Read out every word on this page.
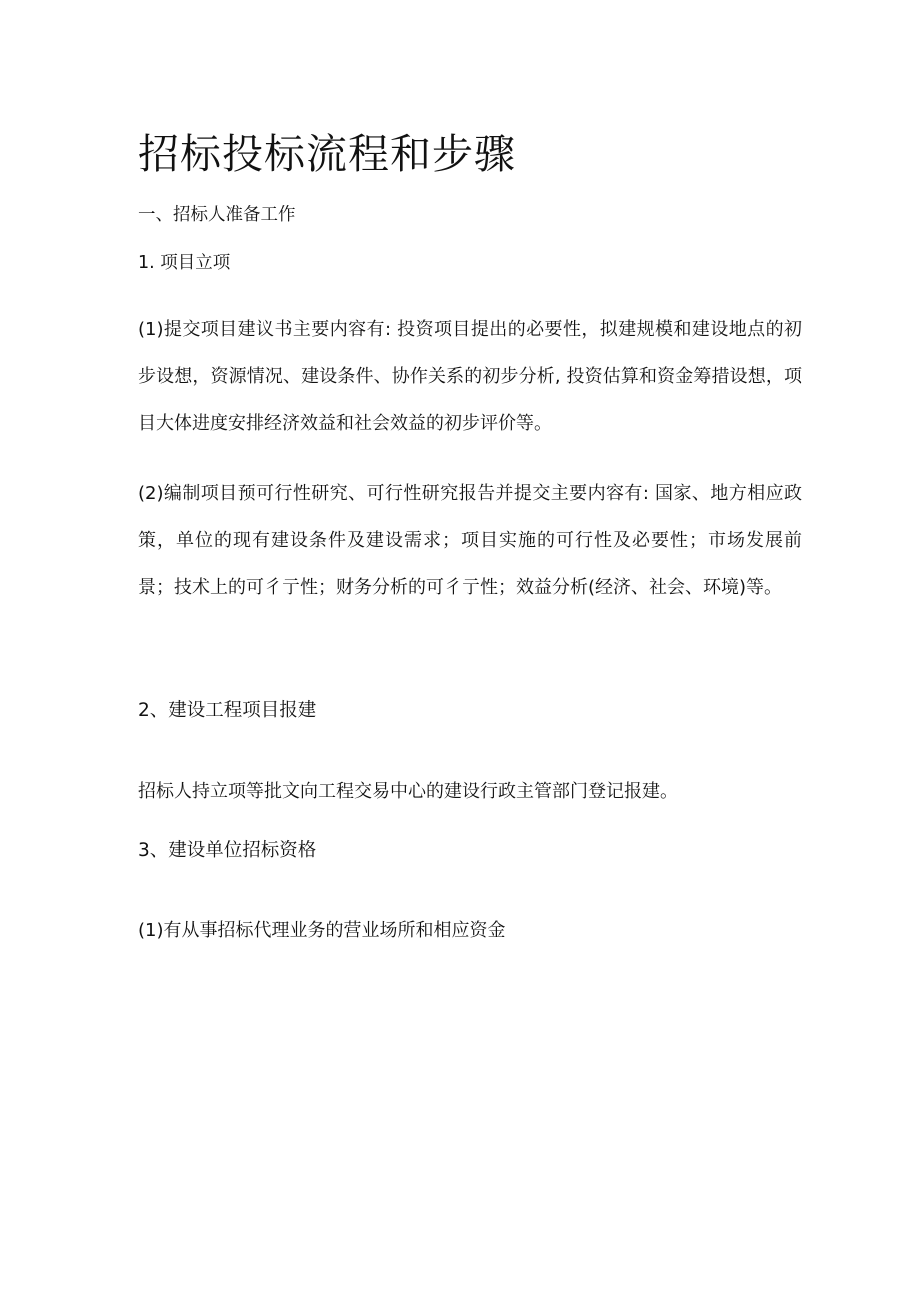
招标投标流程和步骤

一、招标人准备工作

1. 项目立项

(1)提交项目建议书主要内容有: 投资项目提出的必要性，拟建规模和建设地点的初步设想，资源情况、建设条件、协作关系的初步分析, 投资估算和资金筹措设想，项目大体进度安排经济效益和社会效益的初步评价等。

(2)编制项目预可行性研究、可行性研究报告并提交主要内容有: 国家、地方相应政策，单位的现有建设条件及建设需求；项目实施的可行性及必要性；市场发展前景；技术上的可彳亍性；财务分析的可彳亍性；效益分析(经济、社会、环境)等。

2、建设工程项目报建

招标人持立项等批文向工程交易中心的建设行政主管部门登记报建。

3、建设单位招标资格

(1)有从事招标代理业务的营业场所和相应资金
